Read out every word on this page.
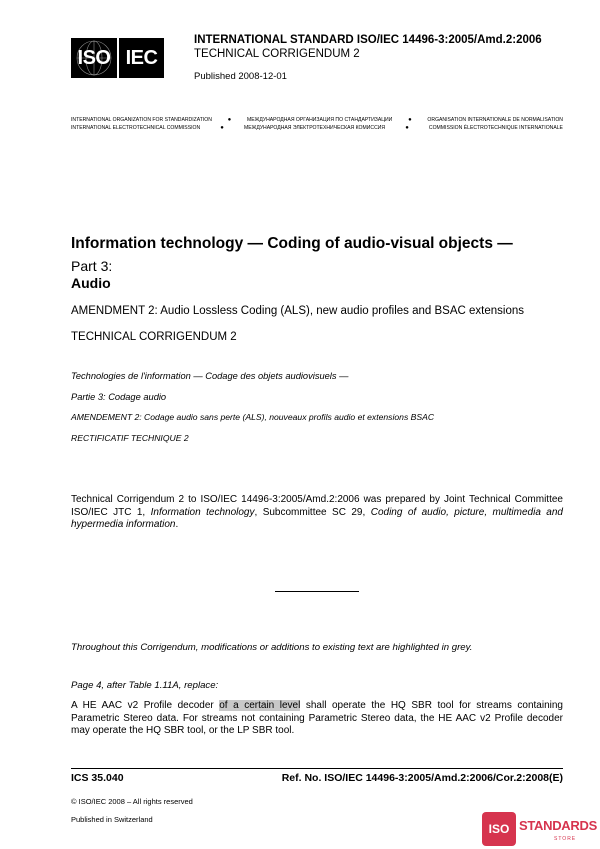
ISO IEC
INTERNATIONAL STANDARD ISO/IEC 14496-3:2005/Amd.2:2006
TECHNICAL CORRIGENDUM 2
Published 2008-12-01
INTERNATIONAL ORGANIZATION FOR STANDARDIZATION	●	МЕЖДУНАРОДНАЯ ОРГАНИЗАЦИЯ ПО СТАНДАРТИЗАЦИИ	●	ORGANISATION INTERNATIONALE DE NORMALISATION
INTERNATIONAL ELECTROTECHNICAL COMMISSION	●	МЕЖДУНАРОДНАЯ ЭЛЕКТРОТЕХНИЧЕСКАЯ КОМИССИЯ	●	COMMISSION ÉLECTROTECHNIQUE INTERNATIONALE
Information technology — Coding of audio-visual objects —
Part 3:
Audio
AMENDMENT 2: Audio Lossless Coding (ALS), new audio profiles and BSAC extensions
TECHNICAL CORRIGENDUM 2
Technologies de l'information — Codage des objets audiovisuels —
Partie 3: Codage audio
AMENDEMENT 2: Codage audio sans perte (ALS), nouveaux profils audio et extensions BSAC
RECTIFICATIF TECHNIQUE 2
Technical Corrigendum 2 to ISO/IEC 14496-3:2005/Amd.2:2006 was prepared by Joint Technical Committee ISO/IEC JTC 1, Information technology, Subcommittee SC 29, Coding of audio, picture, multimedia and hypermedia information.
Throughout this Corrigendum, modifications or additions to existing text are highlighted in grey.
Page 4, after Table 1.11A, replace:
A HE AAC v2 Profile decoder of a certain level shall operate the HQ SBR tool for streams containing Parametric Stereo data. For streams not containing Parametric Stereo data, the HE AAC v2 Profile decoder may operate the HQ SBR tool, or the LP SBR tool.
ICS 35.040	Ref. No. ISO/IEC 14496-3:2005/Amd.2:2006/Cor.2:2008(E)
© ISO/IEC 2008 – All rights reserved
Published in Switzerland
ISO STANDARDS
STORE
